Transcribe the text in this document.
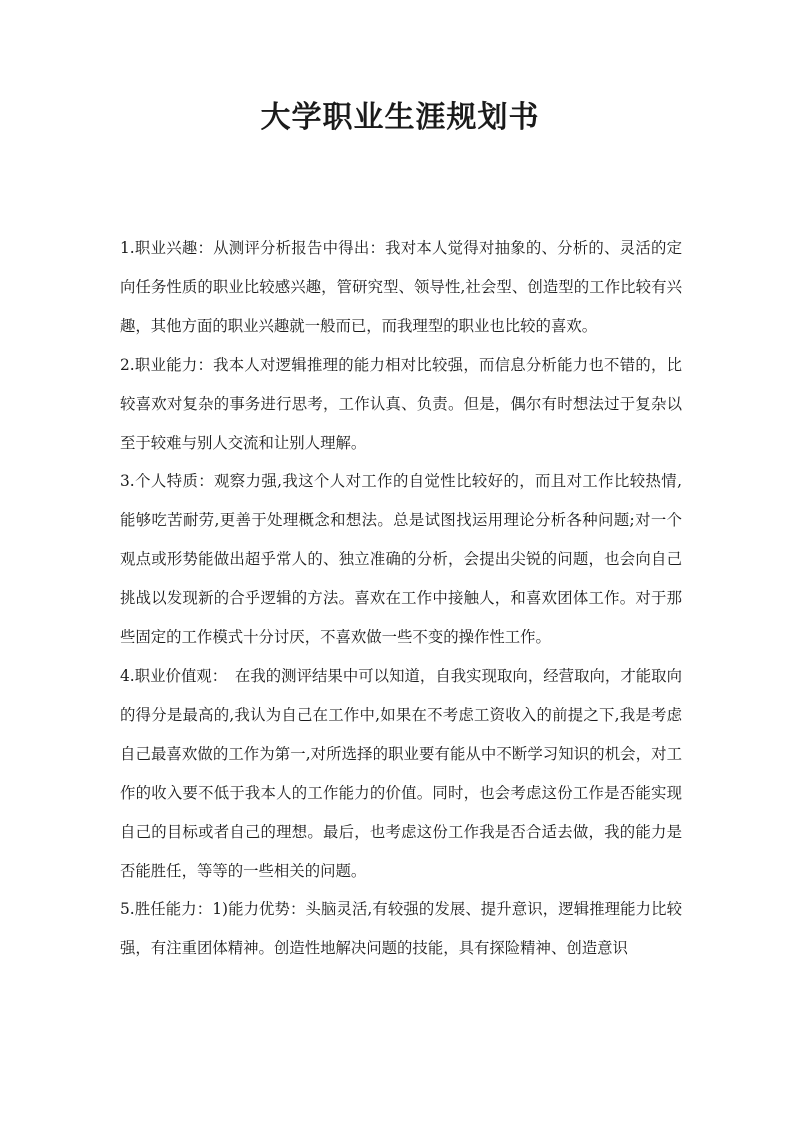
大学职业生涯规划书

1.职业兴趣：从测评分析报告中得出：我对本人觉得对抽象的、分析的、灵活的定向任务性质的职业比较感兴趣，管研究型、领导性,社会型、创造型的工作比较有兴趣，其他方面的职业兴趣就一般而已，而我理型的职业也比较的喜欢。

2.职业能力：我本人对逻辑推理的能力相对比较强，而信息分析能力也不错的，比较喜欢对复杂的事务进行思考，工作认真、负责。但是，偶尔有时想法过于复杂以至于较难与别人交流和让别人理解。

3.个人特质：观察力强,我这个人对工作的自觉性比较好的，而且对工作比较热情,能够吃苦耐劳,更善于处理概念和想法。总是试图找运用理论分析各种问题;对一个观点或形势能做出超乎常人的、独立准确的分析，会提出尖锐的问题，也会向自己挑战以发现新的合乎逻辑的方法。喜欢在工作中接触人，和喜欢团体工作。对于那些固定的工作模式十分讨厌，不喜欢做一些不变的操作性工作。

4.职业价值观：　在我的测评结果中可以知道，自我实现取向，经营取向，才能取向的得分是最高的,我认为自己在工作中,如果在不考虑工资收入的前提之下,我是考虑自己最喜欢做的工作为第一,对所选择的职业要有能从中不断学习知识的机会，对工作的收入要不低于我本人的工作能力的价值。同时，也会考虑这份工作是否能实现自己的目标或者自己的理想。最后，也考虑这份工作我是否合适去做，我的能力是否能胜任，等等的一些相关的问题。

5.胜任能力：1)能力优势：头脑灵活,有较强的发展、提升意识，逻辑推理能力比较强，有注重团体精神。创造性地解决问题的技能，具有探险精神、创造意识
